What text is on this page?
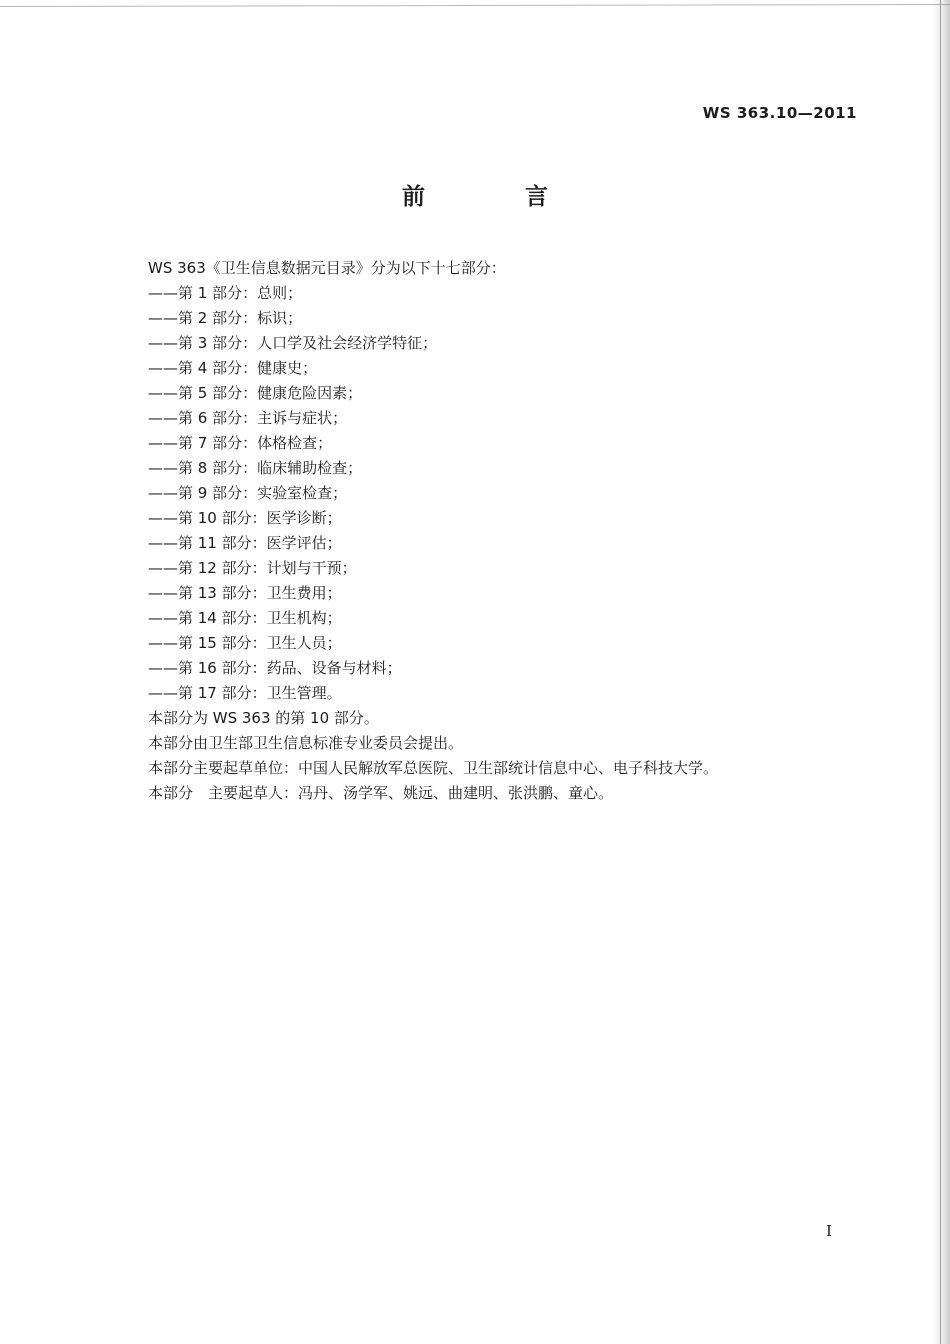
WS 363.10—2011
前 言
WS 363《卫生信息数据元目录》分为以下十七部分：
——第 1 部分：总则；
——第 2 部分：标识；
——第 3 部分：人口学及社会经济学特征；
——第 4 部分：健康史；
——第 5 部分：健康危险因素；
——第 6 部分：主诉与症状；
——第 7 部分：体格检查；
——第 8 部分：临床辅助检查；
——第 9 部分：实验室检查；
——第 10 部分：医学诊断；
——第 11 部分：医学评估；
——第 12 部分：计划与干预；
——第 13 部分：卫生费用；
——第 14 部分：卫生机构；
——第 15 部分：卫生人员；
——第 16 部分：药品、设备与材料；
——第 17 部分：卫生管理。
本部分为 WS 363 的第 10 部分。
本部分由卫生部卫生信息标准专业委员会提出。
本部分主要起草单位：中国人民解放军总医院、卫生部统计信息中心、电子科技大学。
本部分　主要起草人：冯丹、汤学军、姚远、曲建明、张洪鹏、童心。
I
